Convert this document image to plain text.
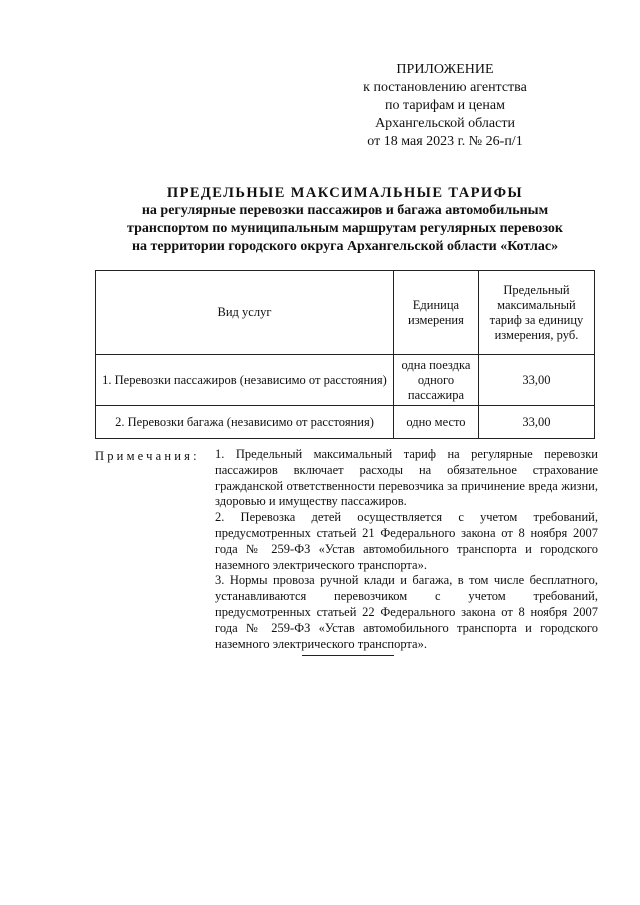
ПРИЛОЖЕНИЕ
к постановлению агентства
по тарифам и ценам
Архангельской области
от 18 мая 2023 г. № 26-п/1
ПРЕДЕЛЬНЫЕ МАКСИМАЛЬНЫЕ ТАРИФЫ
на регулярные перевозки пассажиров и багажа автомобильным
транспортом по муниципальным маршрутам регулярных перевозок
на территории городского округа Архангельской области «Котлас»
Вид услуг	Единица измерения	Предельный максимальный тариф за единицу измерения, руб.
1. Перевозки пассажиров (независимо от расстояния)	одна поездка одного пассажира	33,00
2. Перевозки багажа (независимо от расстояния)	одно место	33,00
Примечания: 1. Предельный максимальный тариф на регулярные перевозки пассажиров включает расходы на обязательное страхование гражданской ответственности перевозчика за причинение вреда жизни, здоровью и имуществу пассажиров.

2. Перевозка детей осуществляется с учетом требований, предусмотренных статьей 21 Федерального закона от 8 ноября 2007 года № 259-ФЗ «Устав автомобильного транспорта и городского наземного электрического транспорта».

3. Нормы провоза ручной клади и багажа, в том числе бесплатного, устанавливаются перевозчиком с учетом требований, предусмотренных статьей 22 Федерального закона от 8 ноября 2007 года № 259-ФЗ «Устав автомобильного транспорта и городского наземного электрического транспорта».
